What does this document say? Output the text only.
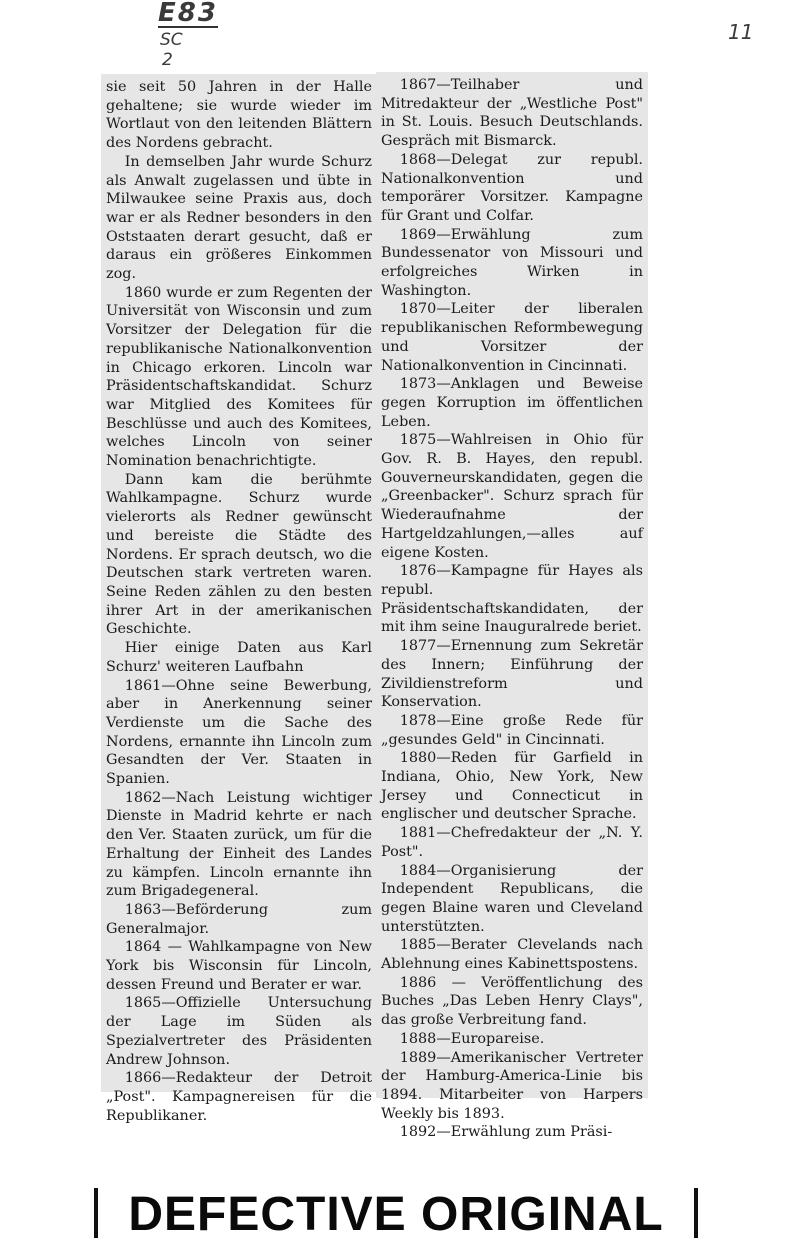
E83
SC
2
11

sie seit 50 Jahren in der Halle gehaltene; sie wurde wieder im Wortlaut von den leitenden Blättern des Nordens gebracht.

In demselben Jahr wurde Schurz als Anwalt zugelassen und übte in Milwaukee seine Praxis aus, doch war er als Redner besonders in den Oststaaten derart gesucht, daß er daraus ein größeres Einkommen zog.

1860 wurde er zum Regenten der Universität von Wisconsin und zum Vorsitzer der Delegation für die republikanische Nationalkonvention in Chicago erkoren. Lincoln war Präsidentschaftskandidat. Schurz war Mitglied des Komitees für Beschlüsse und auch des Komitees, welches Lincoln von seiner Nomination benachrichtigte.

Dann kam die berühmte Wahlkampagne. Schurz wurde vielerorts als Redner gewünscht und bereiste die Städte des Nordens. Er sprach deutsch, wo die Deutschen stark vertreten waren. Seine Reden zählen zu den besten ihrer Art in der amerikanischen Geschichte.

Hier einige Daten aus Karl Schurz' weiteren Laufbahn

1861—Ohne seine Bewerbung, aber in Anerkennung seiner Verdienste um die Sache des Nordens, ernannte ihn Lincoln zum Gesandten der Ver. Staaten in Spanien.

1862—Nach Leistung wichtiger Dienste in Madrid kehrte er nach den Ver. Staaten zurück, um für die Erhaltung der Einheit des Landes zu kämpfen. Lincoln ernannte ihn zum Brigadegeneral.

1863—Beförderung zum Generalmajor.

1864 — Wahlkampagne von New York bis Wisconsin für Lincoln, dessen Freund und Berater er war.

1865—Offizielle Untersuchung der Lage im Süden als Spezialvertreter des Präsidenten Andrew Johnson.

1866—Redakteur der Detroit „Post". Kampagnereisen für die Republikaner.

1867—Teilhaber und Mitredakteur der „Westliche Post" in St. Louis. Besuch Deutschlands. Gespräch mit Bismarck.

1868—Delegat zur republ. Nationalkonvention und temporärer Vorsitzer. Kampagne für Grant und Colfar.

1869—Erwählung zum Bundessenator von Missouri und erfolgreiches Wirken in Washington.

1870—Leiter der liberalen republikanischen Reformbewegung und Vorsitzer der Nationalkonvention in Cincinnati.

1873—Anklagen und Beweise gegen Korruption im öffentlichen Leben.

1875—Wahlreisen in Ohio für Gov. R. B. Hayes, den republ. Gouverneurskandidaten, gegen die „Greenbacker". Schurz sprach für Wiederaufnahme der Hartgeldzahlungen,—alles auf eigene Kosten.

1876—Kampagne für Hayes als republ. Präsidentschaftskandidaten, der mit ihm seine Inauguralrede beriet.

1877—Ernennung zum Sekretär des Innern; Einführung der Zivildienstreform und Konservation.

1878—Eine große Rede für „gesundes Geld" in Cincinnati.

1880—Reden für Garfield in Indiana, Ohio, New York, New Jersey und Connecticut in englischer und deutscher Sprache.

1881—Chefredakteur der „N. Y. Post".

1884—Organisierung der Independent Republicans, die gegen Blaine waren und Cleveland unterstützten.

1885—Berater Clevelands nach Ablehnung eines Kabinettspostens.

1886 — Veröffentlichung des Buches „Das Leben Henry Clays", das große Verbreitung fand.

1888—Europareise.

1889—Amerikanischer Vertreter der Hamburg-America-Linie bis 1894. Mitarbeiter von Harpers Weekly bis 1893.

1892—Erwählung zum Präsi-

DEFECTIVE ORIGINAL
